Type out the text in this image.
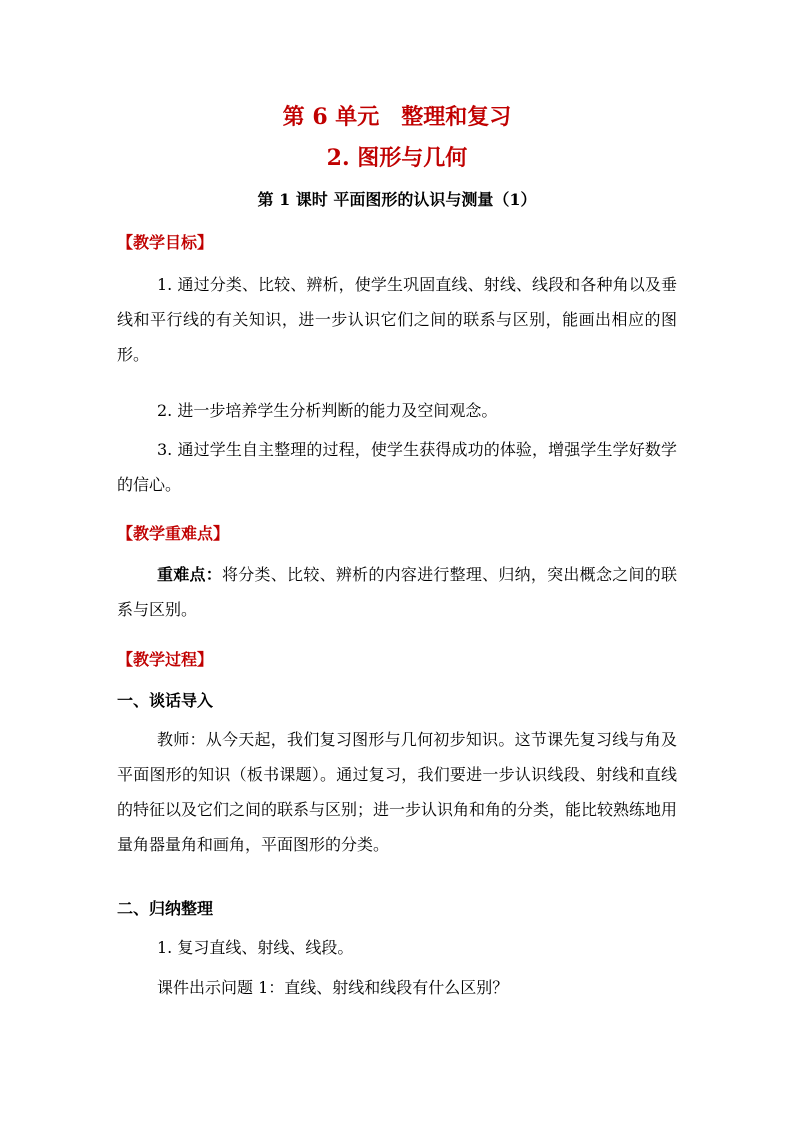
第 6 单元　整理和复习
2. 图形与几何
第 1 课时 平面图形的认识与测量（1）
【教学目标】
1. 通过分类、比较、辨析，使学生巩固直线、射线、线段和各种角以及垂线和平行线的有关知识，进一步认识它们之间的联系与区别，能画出相应的图形。
2. 进一步培养学生分析判断的能力及空间观念。
3. 通过学生自主整理的过程，使学生获得成功的体验，增强学生学好数学的信心。
【教学重难点】
重难点：将分类、比较、辨析的内容进行整理、归纳，突出概念之间的联系与区别。
【教学过程】
一、谈话导入
教师：从今天起，我们复习图形与几何初步知识。这节课先复习线与角及平面图形的知识（板书课题）。通过复习，我们要进一步认识线段、射线和直线的特征以及它们之间的联系与区别；进一步认识角和角的分类，能比较熟练地用量角器量角和画角，平面图形的分类。
二、归纳整理
1. 复习直线、射线、线段。
课件出示问题 1：直线、射线和线段有什么区别？
